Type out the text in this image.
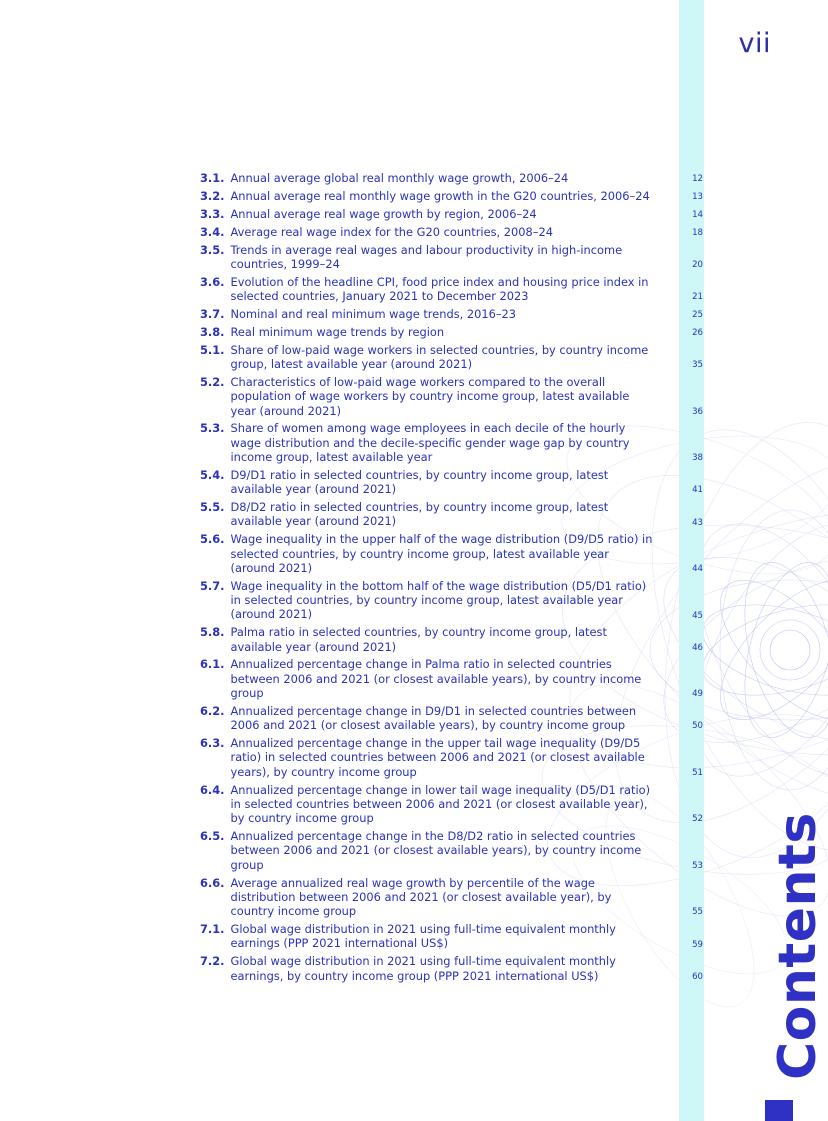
vii
3.1. Annual average global real monthly wage growth, 2006–24	12
3.2. Annual average real monthly wage growth in the G20 countries, 2006–24	13
3.3. Annual average real wage growth by region, 2006–24	14
3.4. Average real wage index for the G20 countries, 2008–24	18
3.5. Trends in average real wages and labour productivity in high-income countries, 1999–24	20
3.6. Evolution of the headline CPI, food price index and housing price index in selected countries, January 2021 to December 2023	21
3.7. Nominal and real minimum wage trends, 2016–23	25
3.8. Real minimum wage trends by region	26
5.1. Share of low-paid wage workers in selected countries, by country income group, latest available year (around 2021)	35
5.2. Characteristics of low-paid wage workers compared to the overall population of wage workers by country income group, latest available year (around 2021)	36
5.3. Share of women among wage employees in each decile of the hourly wage distribution and the decile-specific gender wage gap by country income group, latest available year	38
5.4. D9/D1 ratio in selected countries, by country income group, latest available year (around 2021)	41
5.5. D8/D2 ratio in selected countries, by country income group, latest available year (around 2021)	43
5.6. Wage inequality in the upper half of the wage distribution (D9/D5 ratio) in selected countries, by country income group, latest available year (around 2021)	44
5.7. Wage inequality in the bottom half of the wage distribution (D5/D1 ratio) in selected countries, by country income group, latest available year (around 2021)	45
5.8. Palma ratio in selected countries, by country income group, latest available year (around 2021)	46
6.1. Annualized percentage change in Palma ratio in selected countries between 2006 and 2021 (or closest available years), by country income group	49
6.2. Annualized percentage change in D9/D1 in selected countries between 2006 and 2021 (or closest available years), by country income group	50
6.3. Annualized percentage change in the upper tail wage inequality (D9/D5 ratio) in selected countries between 2006 and 2021 (or closest available years), by country income group	51
6.4. Annualized percentage change in lower tail wage inequality (D5/D1 ratio) in selected countries between 2006 and 2021 (or closest available year), by country income group	52
6.5. Annualized percentage change in the D8/D2 ratio in selected countries between 2006 and 2021 (or closest available years), by country income group	53
6.6. Average annualized real wage growth by percentile of the wage distribution between 2006 and 2021 (or closest available year), by country income group	55
7.1. Global wage distribution in 2021 using full-time equivalent monthly earnings (PPP 2021 international US$)	59
7.2. Global wage distribution in 2021 using full-time equivalent monthly earnings, by country income group (PPP 2021 international US$)	60 Contents
